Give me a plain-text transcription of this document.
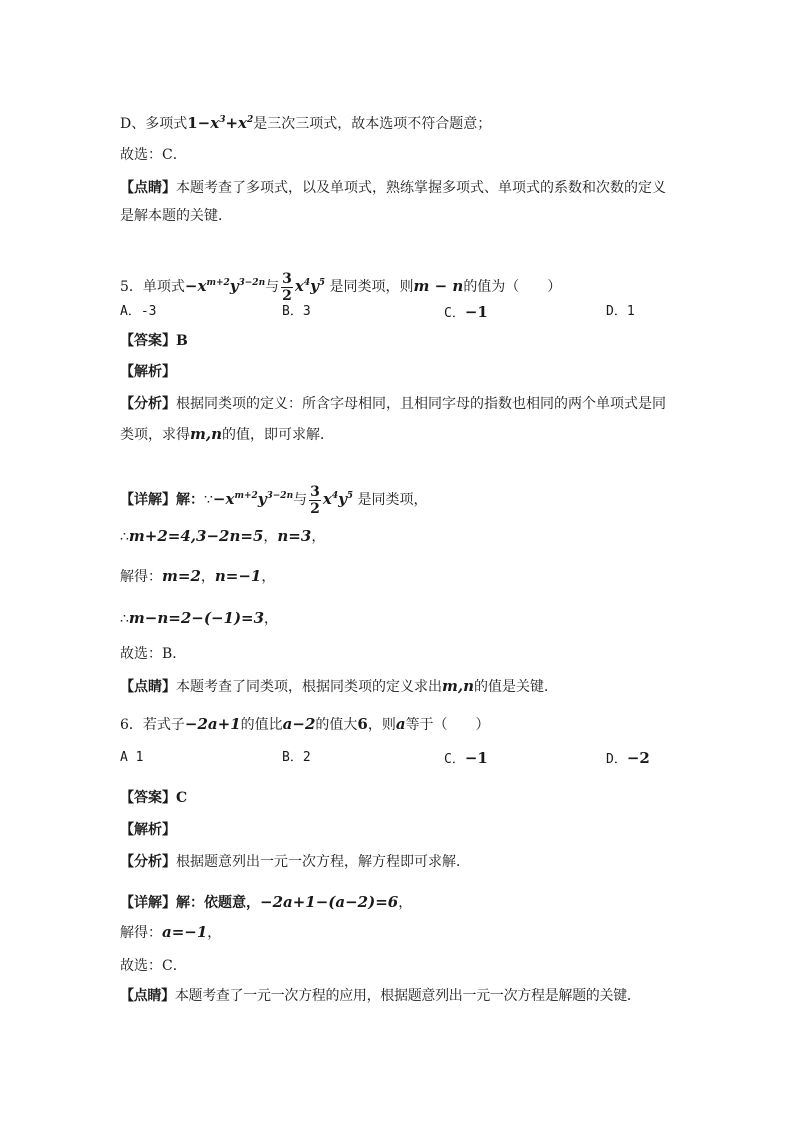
D、多项式$1-x^3+x^2$是三次三项式，故本选项不符合题意；
故选：C．
【点睛】本题考查了多项式，以及单项式，熟练掌握多项式、单项式的系数和次数的定义
是解本题的关键．
5．单项式$-x^{m+2}y^{3-2n}$与 $\frac{3}{2} x^4y^5$ 是同类项，则m − n的值为（　　）
A．-3	B．3	C．−1	D．1
【答案】B
【解析】
【分析】根据同类项的定义：所含字母相同，且相同字母的指数也相同的两个单项式是同
类项，求得m,n的值，即可求解．
【详解】解：$\because-x^{m+2}y^{3-2n}$与 $\frac{3}{2} x^4y^5$ 是同类项，
∴m+2=4,3−2n=5，n=3，
解得：m=2，n=−1，
∴m−n=2−(−1)=3，
故选：B．
【点睛】本题考查了同类项，根据同类项的定义求出m,n的值是关键．
6．若式子−2a+1的值比a−2的值大6，则a等于（　　）
A 1	B．2	C．−1	D．−2
【答案】C
【解析】
【分析】根据题意列出一元一次方程，解方程即可求解．
【详解】解：依题意，−2a+1−(a−2)=6，
解得：a=−1，
故选：C．
【点睛】本题考查了一元一次方程的应用，根据题意列出一元一次方程是解题的关键．
